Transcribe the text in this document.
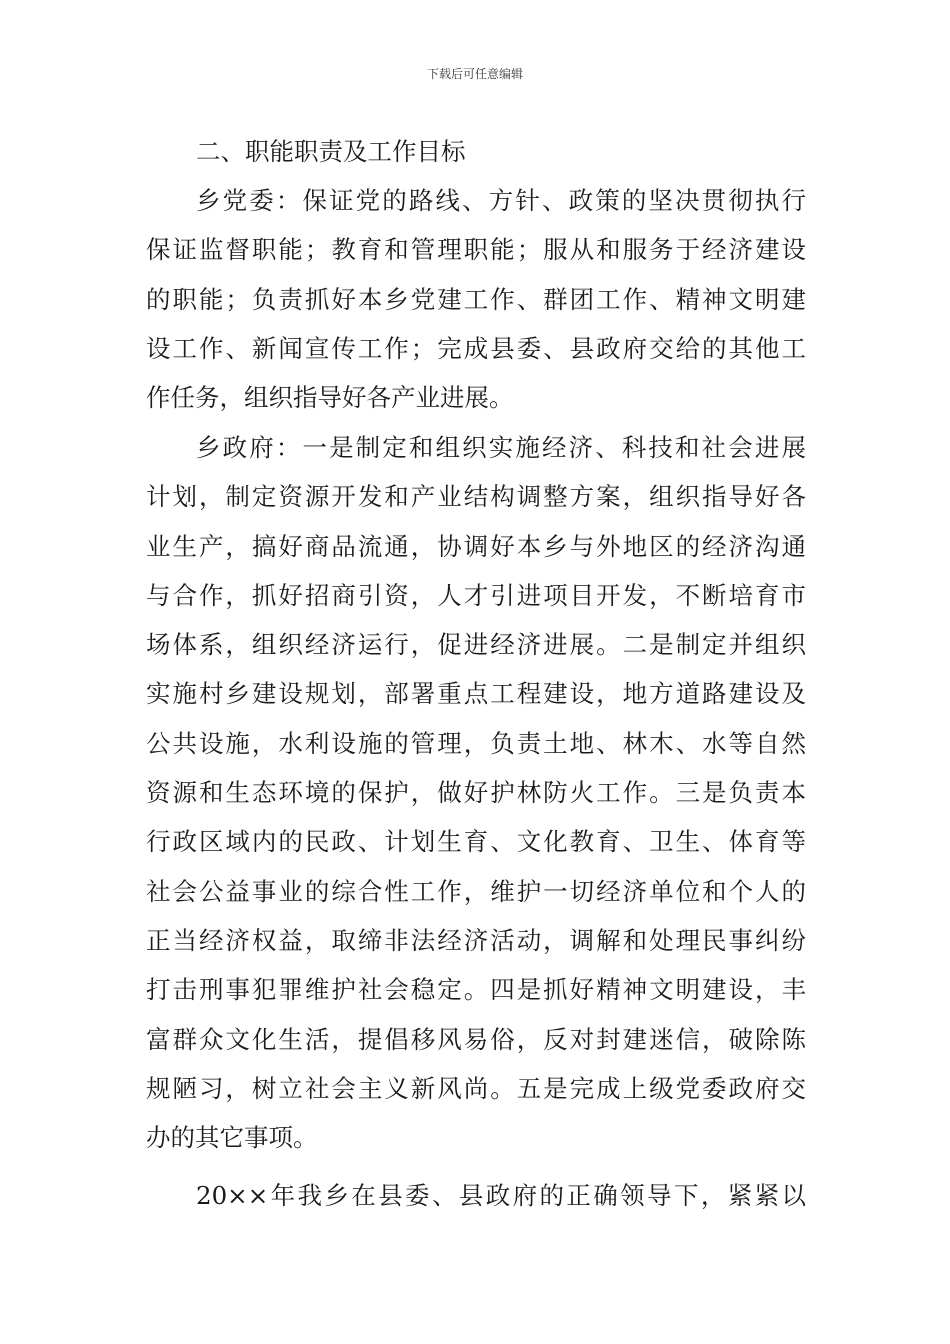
下载后可任意编辑
二、职能职责及工作目标
乡党委：保证党的路线、方针、政策的坚决贯彻执行
保证监督职能；教育和管理职能；服从和服务于经济建设
的职能；负责抓好本乡党建工作、群团工作、精神文明建
设工作、新闻宣传工作；完成县委、县政府交给的其他工
作任务，组织指导好各产业进展。
乡政府：一是制定和组织实施经济、科技和社会进展
计划，制定资源开发和产业结构调整方案，组织指导好各
业生产，搞好商品流通，协调好本乡与外地区的经济沟通
与合作，抓好招商引资，人才引进项目开发，不断培育市
场体系，组织经济运行，促进经济进展。二是制定并组织
实施村乡建设规划，部署重点工程建设，地方道路建设及
公共设施，水利设施的管理，负责土地、林木、水等自然
资源和生态环境的保护，做好护林防火工作。三是负责本
行政区域内的民政、计划生育、文化教育、卫生、体育等
社会公益事业的综合性工作，维护一切经济单位和个人的
正当经济权益，取缔非法经济活动，调解和处理民事纠纷
打击刑事犯罪维护社会稳定。四是抓好精神文明建设，丰
富群众文化生活，提倡移风易俗，反对封建迷信，破除陈
规陋习，树立社会主义新风尚。五是完成上级党委政府交
办的其它事项。
20××年我乡在县委、县政府的正确领导下，紧紧以
